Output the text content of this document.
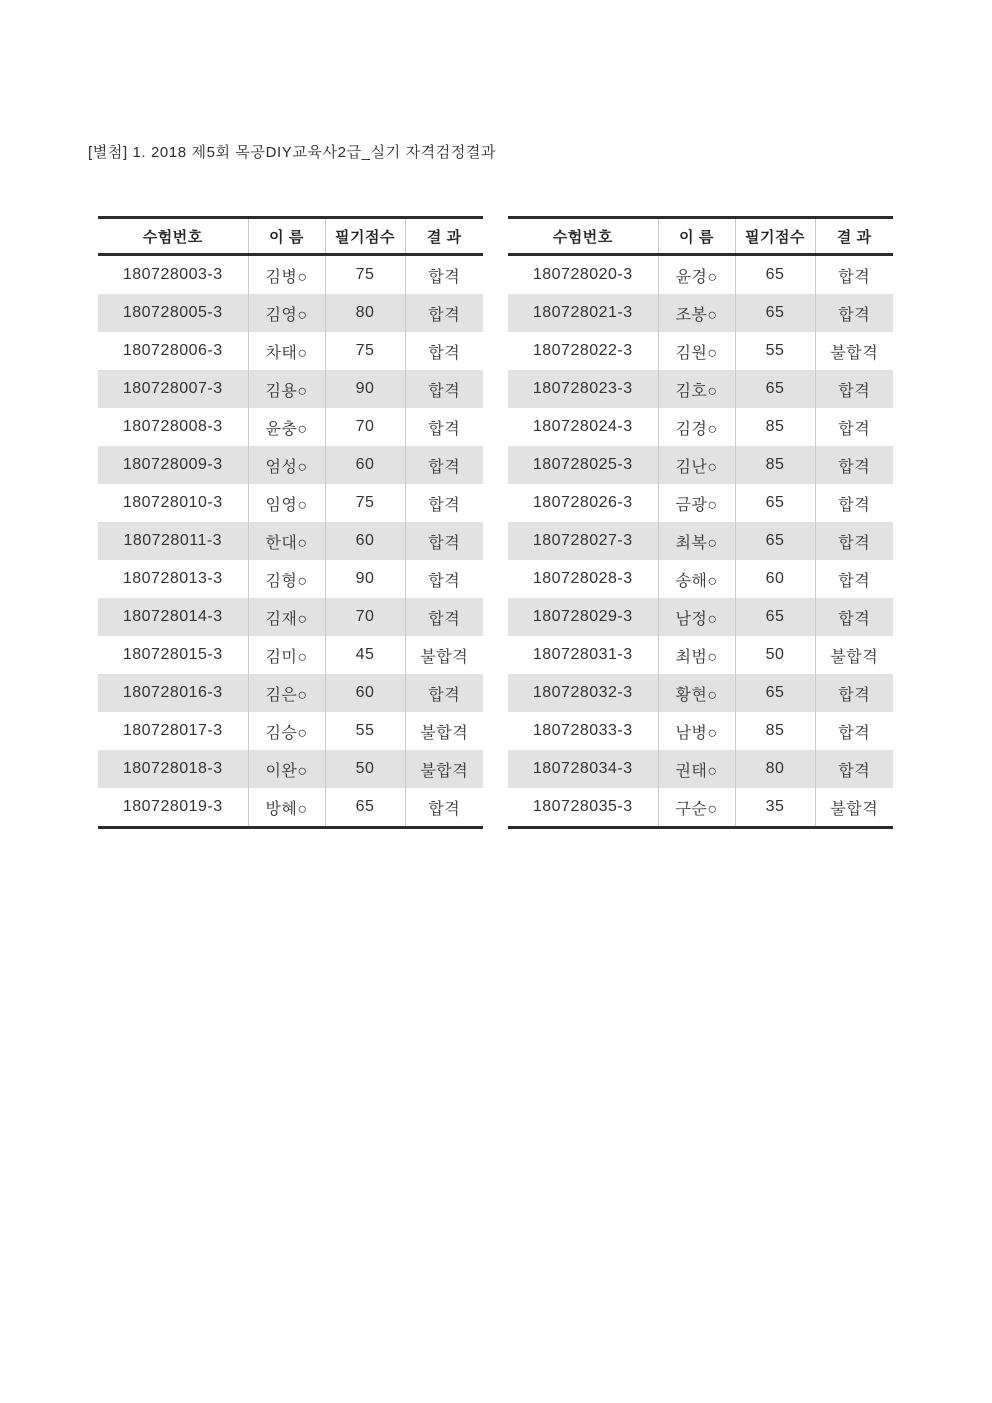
[별첨] 1. 2018 제5회 목공DIY교육사2급_실기 자격검정결과
수험번호	이 름	필기점수	결 과
180728003-3	김병○	75	합격
180728005-3	김영○	80	합격
180728006-3	차태○	75	합격
180728007-3	김용○	90	합격
180728008-3	윤충○	70	합격
180728009-3	엄성○	60	합격
180728010-3	임영○	75	합격
180728011-3	한대○	60	합격
180728013-3	김형○	90	합격
180728014-3	김재○	70	합격
180728015-3	김미○	45	불합격
180728016-3	김은○	60	합격
180728017-3	김승○	55	불합격
180728018-3	이완○	50	불합격
180728019-3	방혜○	65	합격
수험번호	이 름	필기점수	결 과
180728020-3	윤경○	65	합격
180728021-3	조봉○	65	합격
180728022-3	김원○	55	불합격
180728023-3	김호○	65	합격
180728024-3	김경○	85	합격
180728025-3	김난○	85	합격
180728026-3	금광○	65	합격
180728027-3	최복○	65	합격
180728028-3	송해○	60	합격
180728029-3	남정○	65	합격
180728031-3	최범○	50	불합격
180728032-3	황현○	65	합격
180728033-3	남병○	85	합격
180728034-3	권태○	80	합격
180728035-3	구순○	35	불합격
